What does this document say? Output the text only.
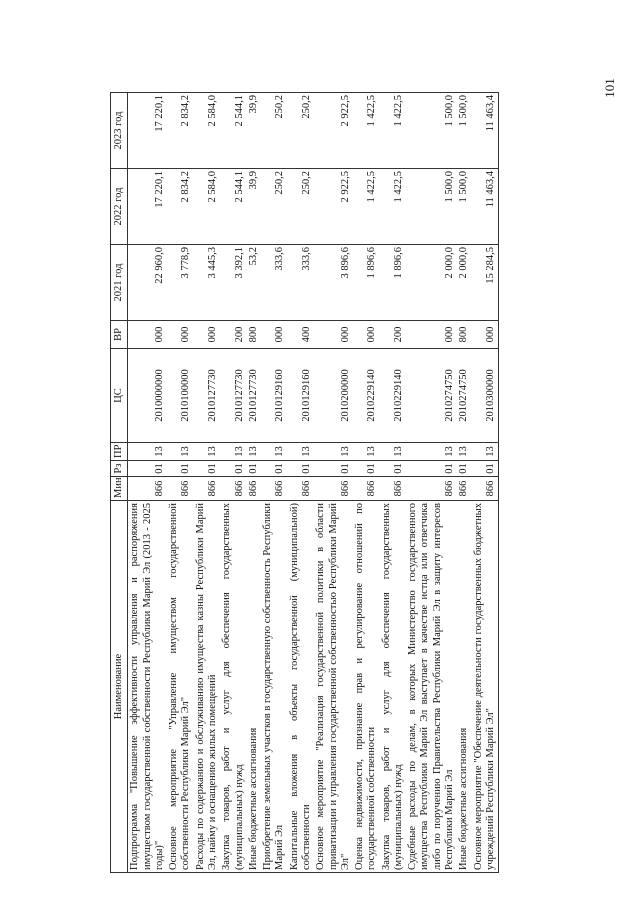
101
Наименование	Мин	Рз	ПР	ЦС	ВР	2021 год	2022 год	2023 год
Подпрограмма "Повышение эффективности управления и распоряжения имуществом государственной собственности Республики Марий Эл (2013 - 2025 годы)"	866	01	13	2010000000	000	22 960,0	17 220,1	17 220,1
Основное мероприятие "Управление имуществом государственной собственности Республики Марий Эл"	866	01	13	2010100000	000	3 778,9	2 834,2	2 834,2
Расходы по содержанию и обслуживанию имущества казны Республики Марий Эл, найму и оснащению жилых помещений	866	01	13	2010127730	000	3 445,3	2 584,0	2 584,0
Закупка товаров, работ и услуг для обеспечения государственных (муниципальных) нужд	866	01	13	2010127730	200	3 392,1	2 544,1	2 544,1
Иные бюджетные ассигнования	866	01	13	2010127730	800	53,2	39,9	39,9
Приобретение земельных участков в государственную собственность Республики Марий Эл	866	01	13	2010129160	000	333,6	250,2	250,2
Капитальные вложения в объекты государственной (муниципальной) собственности	866	01	13	2010129160	400	333,6	250,2	250,2
Основное мероприятие "Реализация государственной политики в области приватизации и управления государственной собственностью Республики Марий Эл"	866	01	13	2010200000	000	3 896,6	2 922,5	2 922,5
Оценка недвижимости, признание прав и регулирование отношений по государственной собственности	866	01	13	2010229140	000	1 896,6	1 422,5	1 422,5
Закупка товаров, работ и услуг для обеспечения государственных (муниципальных) нужд	866	01	13	2010229140	200	1 896,6	1 422,5	1 422,5
Судебные расходы по делам, в которых Министерство государственного имущества Республики Марий Эл выступает в качестве истца или ответчика либо по поручению Правительства Республики Марий Эл в защиту интересов Республики Марий Эл	866	01	13	2010274750	000	2 000,0	1 500,0	1 500,0
Иные бюджетные ассигнования	866	01	13	2010274750	800	2 000,0	1 500,0	1 500,0
Основное мероприятие "Обеспечение деятельности государственных бюджетных учреждений Республики Марий Эл"	866	01	13	2010300000	000	15 284,5	11 463,4	11 463,4
